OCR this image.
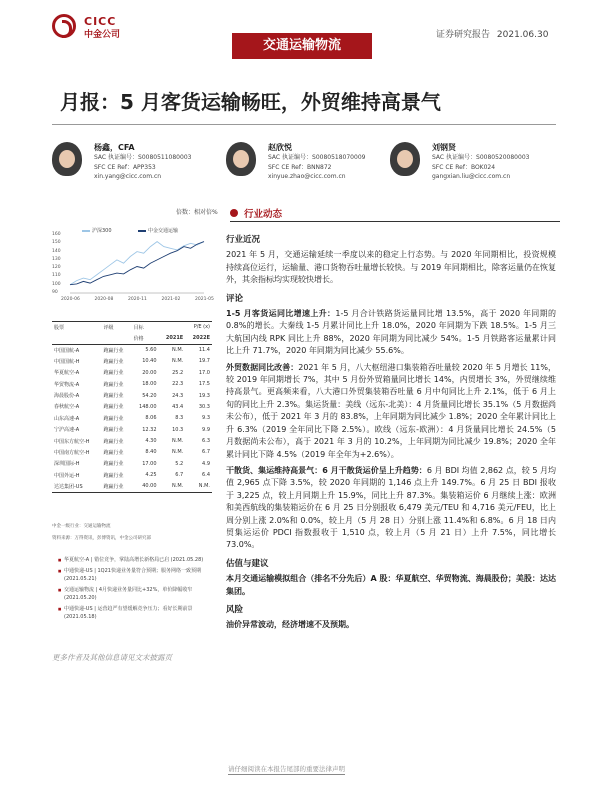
CICC
中金公司
交通运输物流
证券研究报告 2021.06.30
月报：5 月客货运输畅旺，外贸维持高景气
杨鑫，CFA
SAC 执证编号：S0080511080003
SFC CE Ref：APP353
xin.yang@cicc.com.cn
赵欣悦
SAC 执证编号：S0080518070009
SFC CE Ref：BNN872
xinyue.zhao@cicc.com.cn
刘钢贤
SAC 执证编号：S0080520080003
SFC CE Ref：BOK024
gangxian.liu@cicc.com.cn
倍数：相对倍%
沪深300	中金交通运输
160
150
140
130
120
110
100
90
2020-06	2020-08	2020-11	2021-02	2021-05
股票	评级	目标	P/E (x)	
		价格	2021E	2022E
中国国航-A	跑赢行业	5.60	N.M.	11.4
中国国航-H	跑赢行业	10.40	N.M.	19.7
华夏航空-A	跑赢行业	20.00	25.2	17.0
华贸物流-A	跑赢行业	18.00	22.3	17.5
海晨股份-A	跑赢行业	54.20	24.3	19.3
春秋航空-A	跑赢行业	148.00	43.4	30.3
山东高速-A	跑赢行业	8.06	8.3	9.3
宁沪高速-A	跑赢行业	12.32	10.3	9.9
中国东方航空-H	跑赢行业	4.30	N.M.	6.3
中国南方航空-H	跑赢行业	8.40	N.M.	6.7
深圳国际-H	跑赢行业	17.00	5.2	4.9
中国外运-H	跑赢行业	4.25	6.7	6.4
达达集团-US	跑赢行业	40.00	N.M.	N.M.
中金一级行业：交通运输物流
资料来源：万得资讯，彭博资讯，中金公司研究部
■ 华夏航空-A | 错位竞争，掌陆高增长新格局已启 (2021.05.28)
■ 中通快递-US | 1Q21快递业务量符合预期；服务网络一致预期 (2021.05.21)
■ 交通运输物流 | 4月快递业务量同比+32%，单价降幅收窄 (2021.05.20)
■ 中通快递-US | 运营趋严有望缓解竞争压力；看好长期前景 (2021.05.18)
更多作者及其他信息请见文末披露页
行业动态
行业近况

2021 年 5 月，交通运输延续一季度以来的稳定上行态势。与 2020 年同期相比，投资规模持续高位运行，运输量、港口货物吞吐量增长较快。与 2019 年同期相比，除客运量仍在恢复外，其余指标均实现较快增长。

评论

1-5 月客货运同比增速上升：1-5 月合计铁路货运量同比增 13.5%，高于 2020 年同期的 0.8%的增长。大秦线 1-5 月累计同比上升 18.0%，2020 年同期为下跌 18.5%。1-5 月三大航国内线 RPK 同比上升 88%，2020 年同期为同比减少 54%。1-5 月铁路客运量累计同比上升 71.7%，2020 年同期为同比减少 55.6%。

外贸数据同比改善：2021 年 5 月，八大枢纽港口集装箱吞吐量较 2020 年 5 月增长 11%，较 2019 年同期增长 7%，其中 5 月份外贸箱量同比增长 14%，内贸增长 3%，外贸继续维持高景气。更高频来看，八大港口外贸集装箱吞吐量 6 月中旬同比上升 2.1%，低于 6 月上旬的同比上升 2.3%。集运货量：美线（远东-北美）：4 月货量同比增长 35.1%（5 月数据尚未公布），低于 2021 年 3 月的 83.8%，上年同期为同比减少 1.8%；2020 全年累计同比上升 6.3%（2019 全年同比下降 2.5%）。欧线（远东-欧洲）：4 月货量同比增长 24.5%（5 月数据尚未公布），高于 2021 年 3 月的 10.2%，上年同期为同比减少 19.8%；2020 全年累计同比下降 4.5%（2019 年全年为+2.6%）。

干散货、集运维持高景气：6 月干散货运价呈上升趋势：6 月 BDI 均值 2,862 点，较 5 月均值 2,965 点下降 3.5%，较 2020 年同期的 1,146 点上升 149.7%。6 月 25 日 BDI 报收于 3,225 点，较上月同期上升 15.9%，同比上升 87.3%。集装箱运价 6 月继续上涨：欧洲和美西航线的集装箱运价在 6 月 25 日分别报收 6,479 美元/TEU 和 4,716 美元/FEU，比上周分别上涨 2.0%和 0.0%，较上月（5 月 28 日）分别上涨 11.4%和 6.8%。6 月 18 日内贸集运运价 PDCI 指数报收于 1,510 点，较上月（5 月 21 日）上升 7.5%，同比增长 73.0%。

估值与建议

本月交通运输模拟组合（排名不分先后）A 股：华夏航空、华贸物流、海晨股份；美股：达达集团。

风险

油价异常波动，经济增速不及预期。

请仔细阅读在本报告尾部的重要法律声明
